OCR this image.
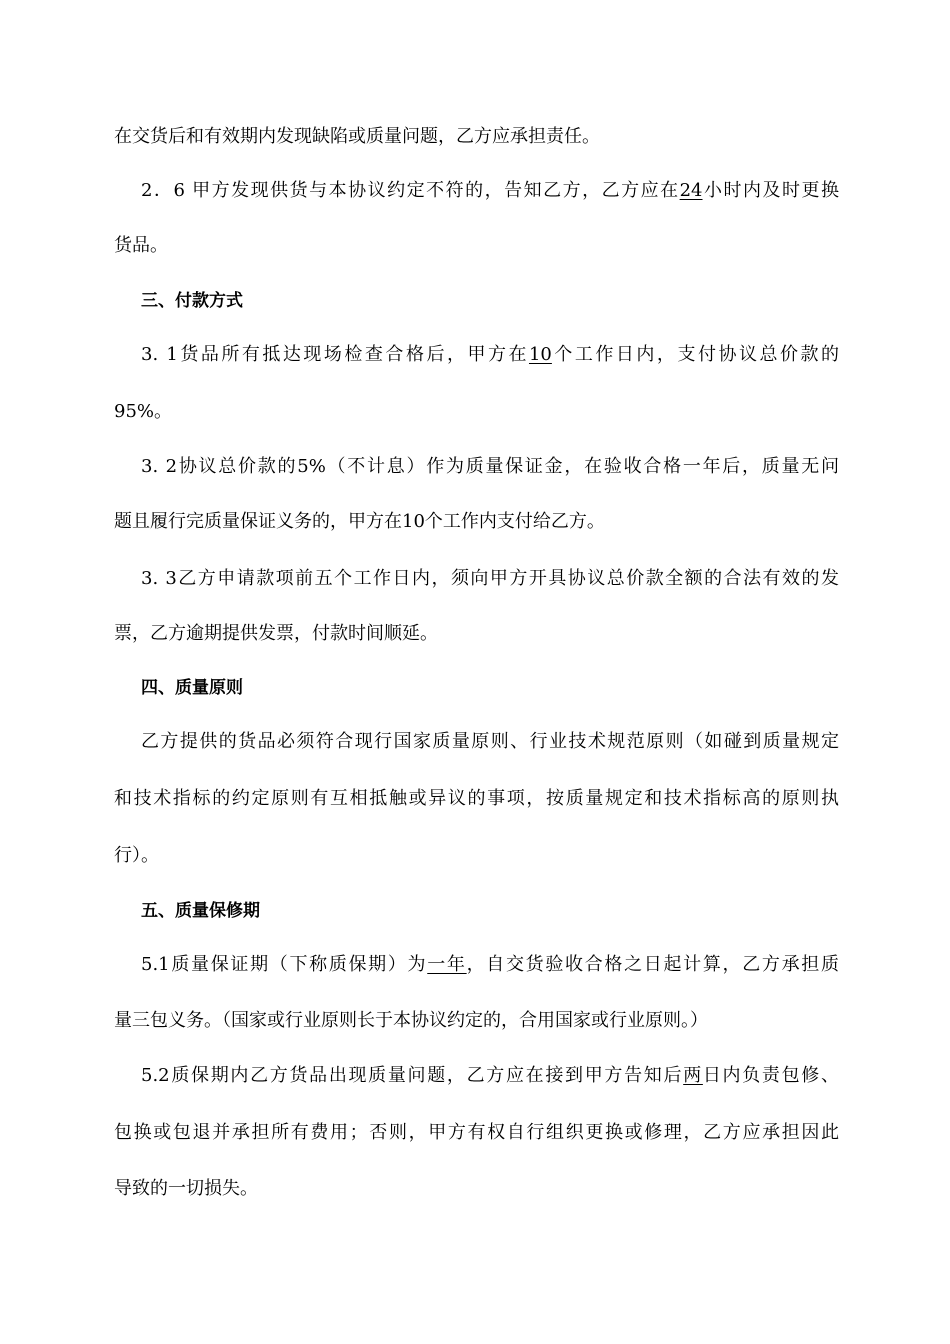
在交货后和有效期内发现缺陷或质量问题，乙方应承担责任。
2．6 甲方发现供货与本协议约定不符的，告知乙方，乙方应在24小时内及时更换
货品。
三、付款方式
3. 1货品所有抵达现场检查合格后，甲方在10个工作日内，支付协议总价款的
95%。
3. 2协议总价款的5%（不计息）作为质量保证金，在验收合格一年后，质量无问
题且履行完质量保证义务的，甲方在10个工作内支付给乙方。
3. 3乙方申请款项前五个工作日内，须向甲方开具协议总价款全额的合法有效的发
票，乙方逾期提供发票，付款时间顺延。
四、质量原则
乙方提供的货品必须符合现行国家质量原则、行业技术规范原则（如碰到质量规定
和技术指标的约定原则有互相抵触或异议的事项，按质量规定和技术指标高的原则执
行）。
五、质量保修期
5.1质量保证期（下称质保期）为一年，自交货验收合格之日起计算，乙方承担质
量三包义务。（国家或行业原则长于本协议约定的，合用国家或行业原则。）
5.2质保期内乙方货品出现质量问题，乙方应在接到甲方告知后两日内负责包修、
包换或包退并承担所有费用；否则，甲方有权自行组织更换或修理，乙方应承担因此
导致的一切损失。
